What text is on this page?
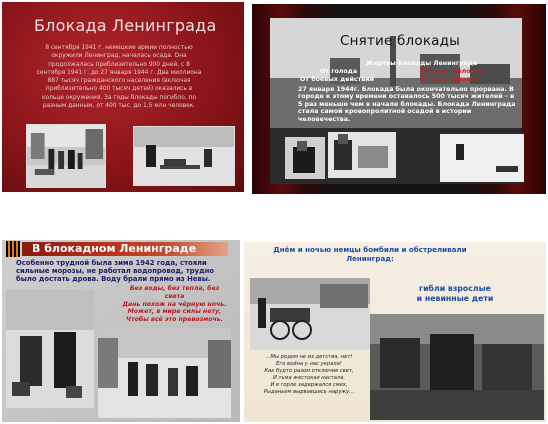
Блокада Ленинграда
8 сентября 1941 г. немецкие армии полностью окружили Ленинград, началась осада. Она продолжалась приблизительно 900 дней, с 8 сентября 1941 г. до 27 января 1944 г. Два миллиона 887 тысяч гражданского населения (включая приблизительно 400 тысяч детей) оказались в кольце окружения. За годы блокады погибло, по разным данным, от 400 тыс. до 1,5 млн человек.
Снятие блокады
Жертвы Блокады Ленинграда
От голода	640 тыс. человек
От боевых действий	17 тыс. человек
27 января 1944г. Блокада была окончательно прорвана. В городе к этому времени оставалось 500 тысяч жителей – в 5 раз меньше чем в начале блокады. Блокада Ленинграда стала самой кровопролитной осадой в истории человечества.
В блокадном Ленинграде
Особенно трудной была зима 1942 года, стояли сильные морозы, не работал водопровод, трудно было достать дрова. Воду брали прямо из Невы.
Без воды, без тепла, без света
День похож на чёрную ночь.
Может, в мире силы нету,
Чтобы всё это превозмочь.
Днём и ночью немцы бомбили и обстреливали Ленинград:
гибли взрослые
и невинные дети
...Мы родом не из детства, нет!
Его война у нас украла!
Как будто разом отключив свет,
И тьма жестокая настала.
И в горле задержался смех,
Рыданьем вырвавшись наружу...
